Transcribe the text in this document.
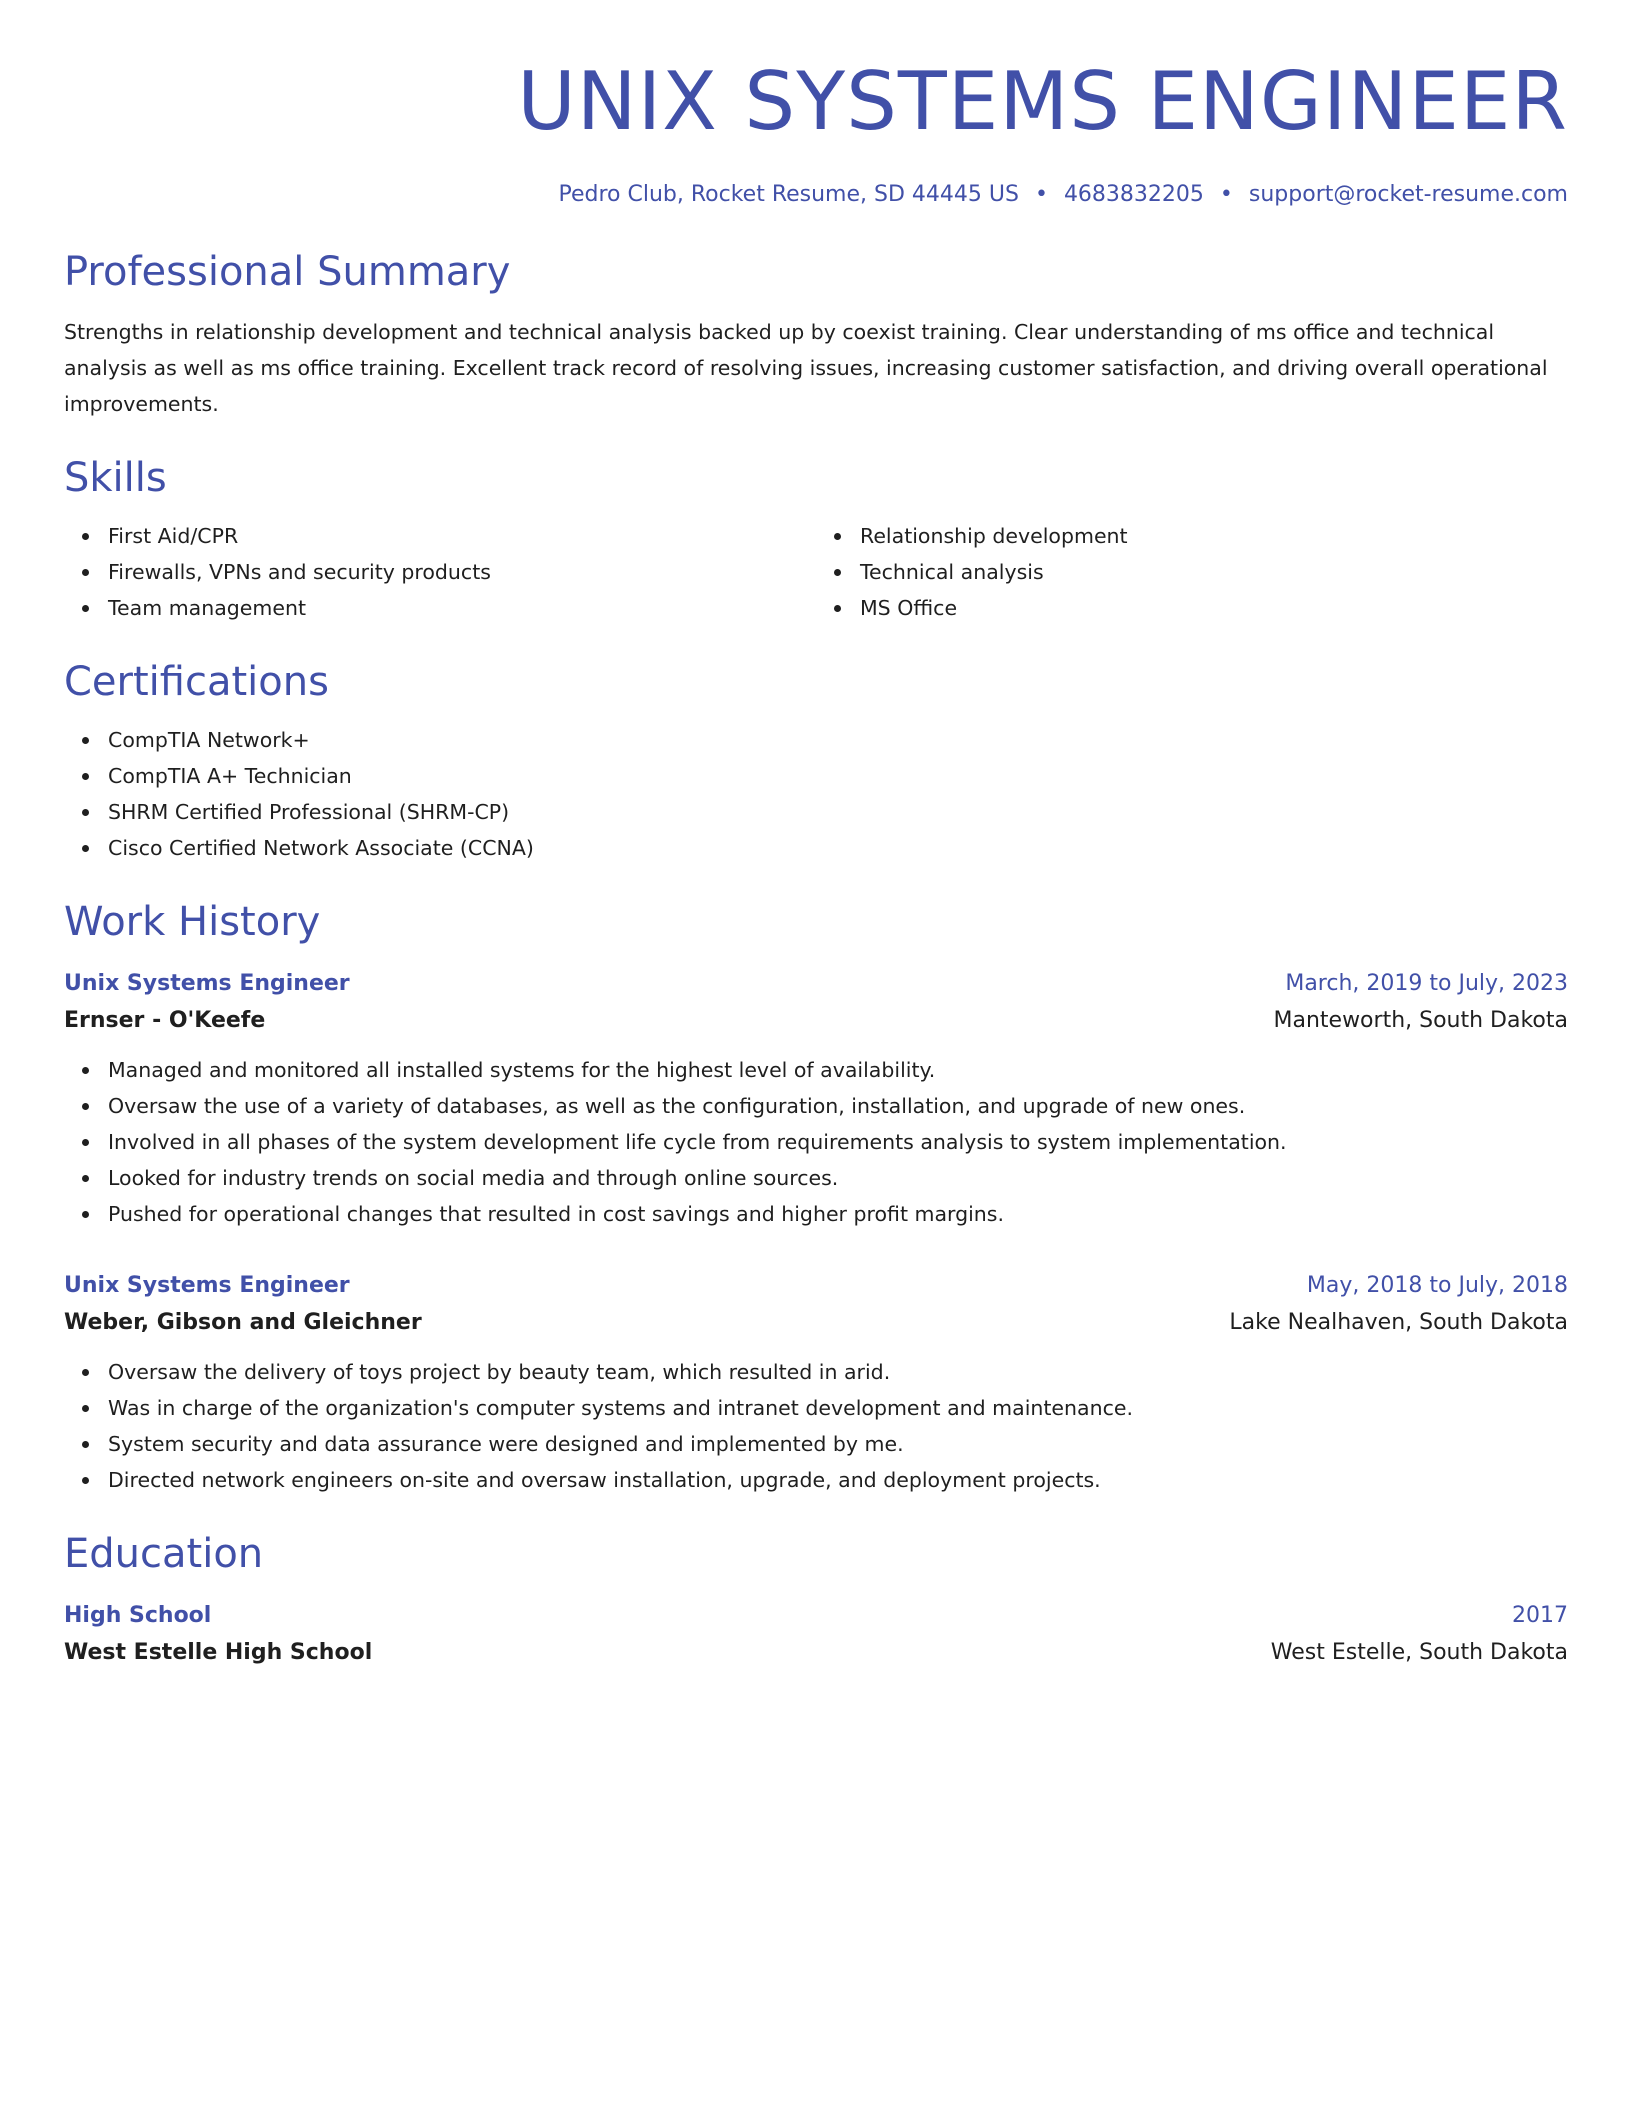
UNIX SYSTEMS ENGINEER
Pedro Club, Rocket Resume, SD 44445 US • 4683832205 • support@rocket-resume.com
Professional Summary
Strengths in relationship development and technical analysis backed up by coexist training. Clear understanding of ms office and technical analysis as well as ms office training. Excellent track record of resolving issues, increasing customer satisfaction, and driving overall operational improvements.
Skills
First Aid/CPR
Firewalls, VPNs and security products
Team management
Relationship development
Technical analysis
MS Office
Certifications
CompTIA Network+
CompTIA A+ Technician
SHRM Certified Professional (SHRM-CP)
Cisco Certified Network Associate (CCNA)
Work History
Unix Systems Engineer	March, 2019 to July, 2023
Ernser - O'Keefe	Manteworth, South Dakota
Managed and monitored all installed systems for the highest level of availability.
Oversaw the use of a variety of databases, as well as the configuration, installation, and upgrade of new ones.
Involved in all phases of the system development life cycle from requirements analysis to system implementation.
Looked for industry trends on social media and through online sources.
Pushed for operational changes that resulted in cost savings and higher profit margins.
Unix Systems Engineer	May, 2018 to July, 2018
Weber, Gibson and Gleichner	Lake Nealhaven, South Dakota
Oversaw the delivery of toys project by beauty team, which resulted in arid.
Was in charge of the organization's computer systems and intranet development and maintenance.
System security and data assurance were designed and implemented by me.
Directed network engineers on-site and oversaw installation, upgrade, and deployment projects.
Education
High School	2017
West Estelle High School	West Estelle, South Dakota
